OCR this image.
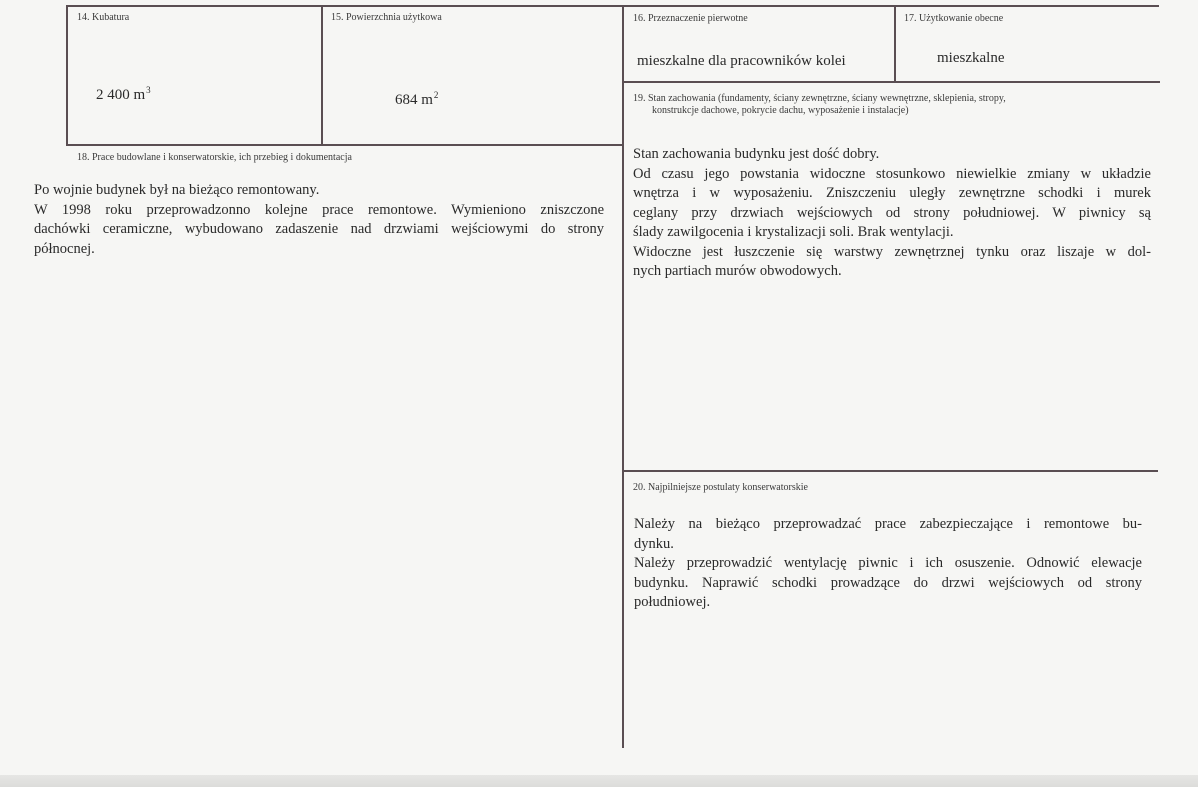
14. Kubatura
2 400 $m^3$
15. Powierzchnia użytkowa
684 $m^2$
16. Przeznaczenie pierwotne
mieszkalne dla pracowników kolei
17. Użytkowanie obecne
mieszkalne
18. Prace budowlane i konserwatorskie, ich przebieg i dokumentacja

Po wojnie budynek był na bieżąco remontowany.

W 1998 roku przeprowadzonno kolejne prace remontowe. Wymieniono zniszczone

dachówki ceramiczne, wybudowano zadaszenie nad drzwiami wejściowymi do strony

północnej.

19. Stan zachowania (fundamenty, ściany zewnętrzne, ściany wewnętrzne, sklepienia, stropy,
konstrukcje dachowe, pokrycie dachu, wyposażenie i instalacje)

Stan zachowania budynku jest dość dobry.

Od czasu jego powstania widoczne stosunkowo niewielkie zmiany w układzie

wnętrza i w wyposażeniu. Zniszczeniu uległy zewnętrzne schodki i murek

ceglany przy drzwiach wejściowych od strony południowej. W piwnicy są

ślady zawilgocenia i krystalizacji soli. Brak wentylacji.

Widoczne jest łuszczenie się warstwy zewnętrznej tynku oraz liszaje w dol-

nych partiach murów obwodowych.

20. Najpilniejsze postulaty konserwatorskie

Należy na bieżąco przeprowadzać prace zabezpieczające i remontowe bu-

dynku.

Należy przeprowadzić wentylację piwnic i ich osuszenie. Odnowić elewacje

budynku. Naprawić schodki prowadzące do drzwi wejściowych od strony

południowej.
